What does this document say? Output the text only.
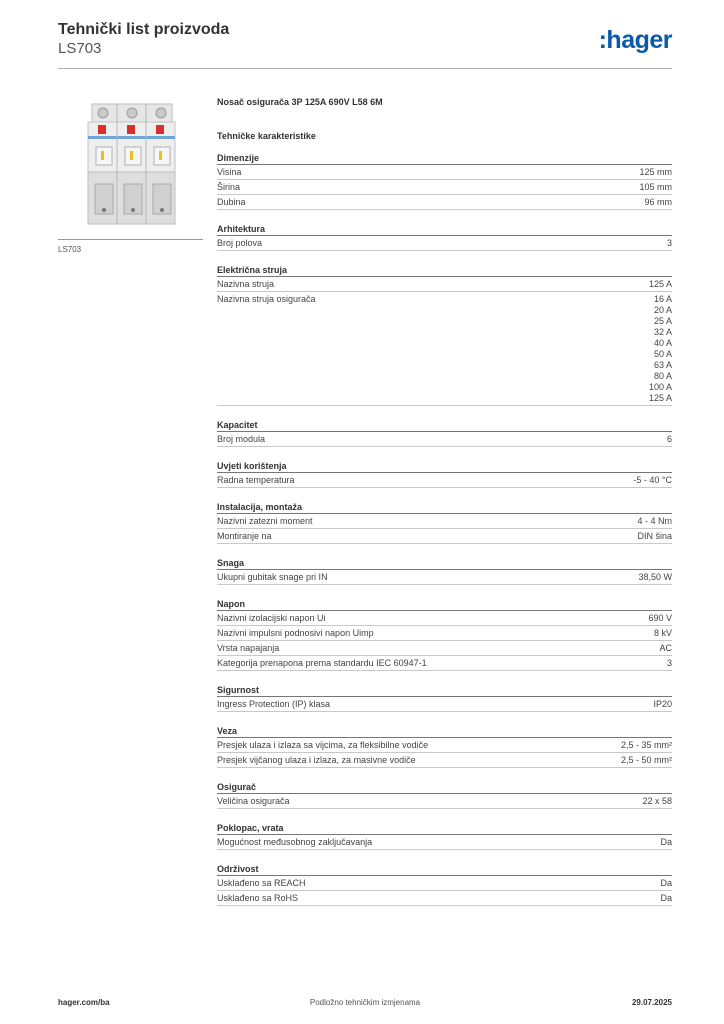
Tehnički list proizvoda
LS703	:hager
LS703
Nosač osigurača 3P 125A 690V L58 6M
Tehničke karakteristike
Dimenzije
Visina	125 mm
Širina	105 mm
Dubina	96 mm
Arhitektura
Broj polova	3
Električna struja
Nazivna struja	125 A
Nazivna struja osigurača	16 A
20 A
25 A
32 A
40 A
50 A
63 A
80 A
100 A
125 A
Kapacitet
Broj modula	6
Uvjeti korištenja
Radna temperatura	-5 - 40 °C
Instalacija, montaža
Nazivni zatezni moment	4 - 4 Nm
Montiranje na	DIN šina
Snaga
Ukupni gubitak snage pri IN	38,50 W
Napon
Nazivni izolacijski napon Ui	690 V
Nazivni impulsni podnosivi napon Uimp	8 kV
Vrsta napajanja	AC
Kategorija prenapona prema standardu IEC 60947-1	3
Sigurnost
Ingress Protection (IP) klasa	IP20
Veza
Presjek ulaza i izlaza sa vijcima, za fleksibilne vodiče	2,5 - 35 mm²
Presjek vijčanog ulaza i izlaza, za masivne vodiče	2,5 - 50 mm²
Osigurač
Veličina osigurača	22 x 58
Poklopac, vrata
Mogućnost međusobnog zaključavanja	Da
Održivost
Usklađeno sa REACH	Da
Usklađeno sa RoHS	Da
hager.com/ba	Podložno tehničkim izmjenama	29.07.2025
